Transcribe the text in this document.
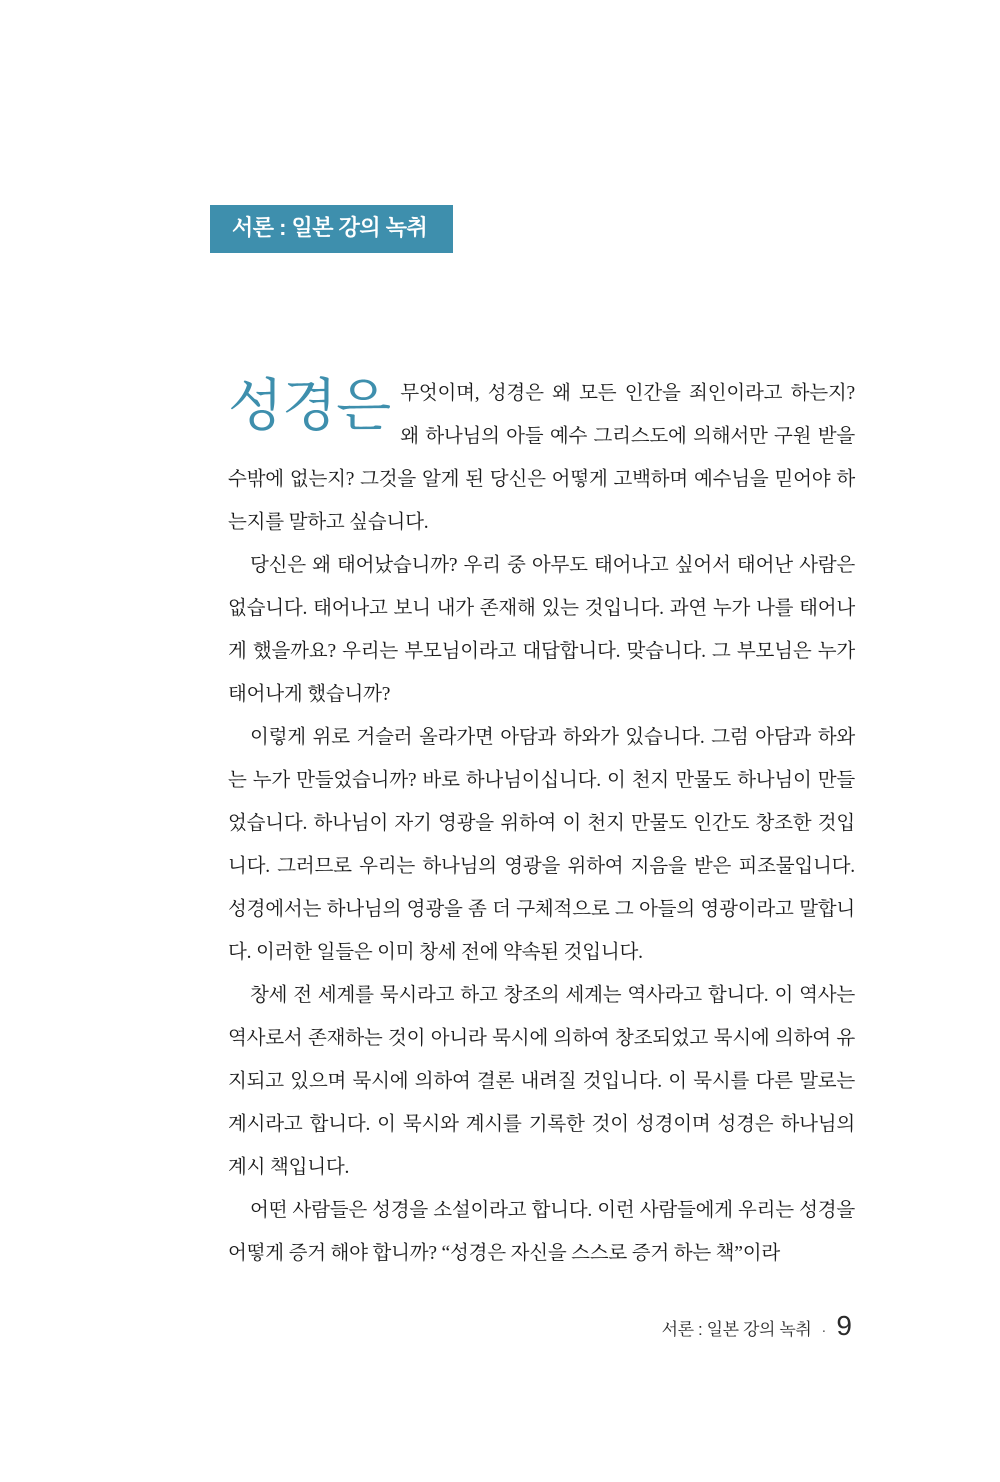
서론 : 일본 강의 녹취

성경은 무엇이며, 성경은 왜 모든 인간을 죄인이라고 하는지? 왜 하나님의 아들 예수 그리스도에 의해서만 구원 받을 수밖에 없는지? 그것을 알게 된 당신은 어떻게 고백하며 예수님을 믿어야 하는지를 말하고 싶습니다.

당신은 왜 태어났습니까? 우리 중 아무도 태어나고 싶어서 태어난 사람은 없습니다. 태어나고 보니 내가 존재해 있는 것입니다. 과연 누가 나를 태어나게 했을까요? 우리는 부모님이라고 대답합니다. 맞습니다. 그 부모님은 누가 태어나게 했습니까?

이렇게 위로 거슬러 올라가면 아담과 하와가 있습니다. 그럼 아담과 하와는 누가 만들었습니까? 바로 하나님이십니다. 이 천지 만물도 하나님이 만들었습니다. 하나님이 자기 영광을 위하여 이 천지 만물도 인간도 창조한 것입니다. 그러므로 우리는 하나님의 영광을 위하여 지음을 받은 피조물입니다. 성경에서는 하나님의 영광을 좀 더 구체적으로 그 아들의 영광이라고 말합니다. 이러한 일들은 이미 창세 전에 약속된 것입니다.

창세 전 세계를 묵시라고 하고 창조의 세계는 역사라고 합니다. 이 역사는 역사로서 존재하는 것이 아니라 묵시에 의하여 창조되었고 묵시에 의하여 유지되고 있으며 묵시에 의하여 결론 내려질 것입니다. 이 묵시를 다른 말로는 계시라고 합니다. 이 묵시와 계시를 기록한 것이 성경이며 성경은 하나님의 계시 책입니다.

어떤 사람들은 성경을 소설이라고 합니다. 이런 사람들에게 우리는 성경을 어떻게 증거 해야 합니까? “성경은 자신을 스스로 증거 하는 책”이라

서론 : 일본 강의 녹취 · 9
